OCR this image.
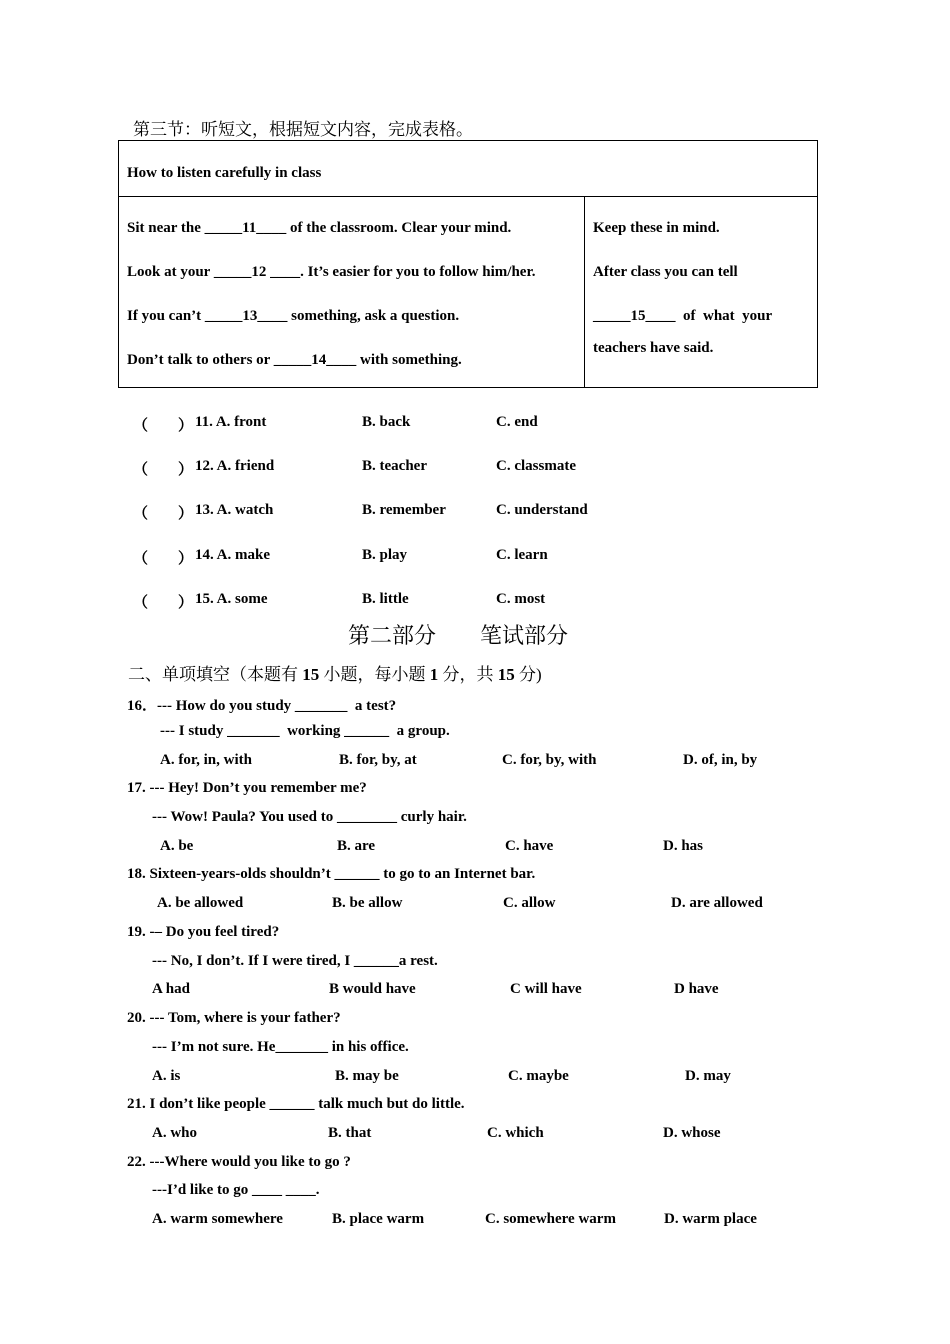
第三节：听短文，根据短文内容，完成表格。
How to listen carefully in class

Sit near the _____11____ of the classroom. Clear your mind.
Look at your _____12 ____. It’s easier for you to follow him/her.
If you can’t _____13____ something, ask a question.
Don’t talk to others or _____14____ with something.

Keep these in mind.
After class you can tell
_____15____  of  what  your
teachers have said.
（        ） 11. A. front	B. back	C. end
（        ） 12. A. friend	B. teacher	C. classmate
（        ） 13. A. watch	B. remember	C. understand
（        ） 14. A. make	B. play	C. learn
（        ） 15. A. some	B. little	C. most
第二部分        笔试部分
二、单项填空（本题有 15 小题，每小题 1 分，共 15 分)
16．--- How do you study _______  a test?
--- I study _______  working ______  a group.
A. for, in, with	B. for, by, at	C. for, by, with	D. of, in, by
17. --- Hey! Don’t you remember me?
--- Wow! Paula? You used to ________ curly hair.
A. be	B. are	C. have	D. has
18. Sixteen-years-olds shouldn’t ______ to go to an Internet bar.
A. be allowed	B. be allow	C. allow	D. are allowed
19. -– Do you feel tired?
--- No, I don’t. If I were tired, I ______a rest.
A had	B would have	C will have	D have
20. --- Tom, where is your father?
--- I’m not sure. He_______ in his office.
A. is	B. may be	C. maybe	D. may
21. I don’t like people ______ talk much but do little.
A. who	B. that	C. which	D. whose
22. ---Where would you like to go ?
---I’d like to go ____ ____.
A. warm somewhere	B. place warm	C. somewhere warm	D. warm place
